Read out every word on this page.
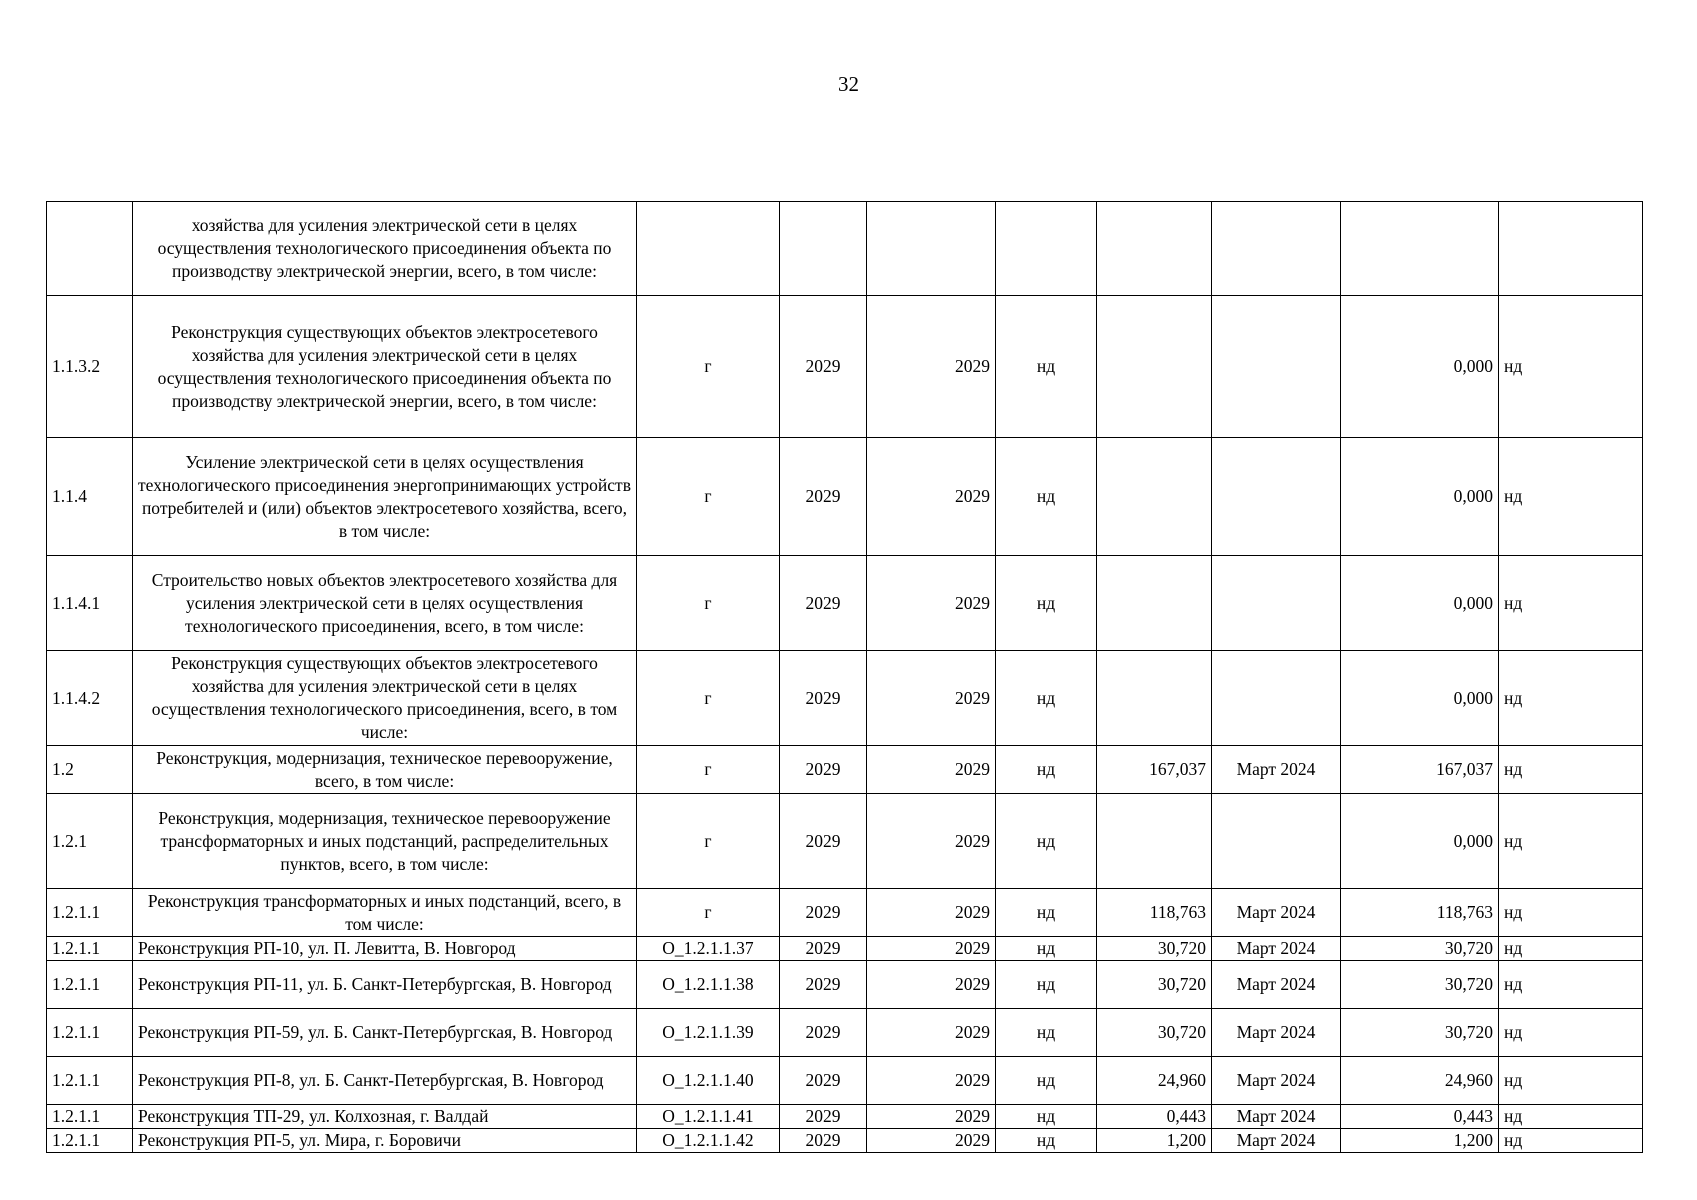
32
	хозяйства для усиления электрической сети в целях осуществления технологического присоединения объекта по производству электрической энергии, всего, в том числе:								
1.1.3.2	Реконструкция существующих объектов электросетевого хозяйства для усиления электрической сети в целях осуществления технологического присоединения объекта по производству электрической энергии, всего, в том числе:	г	2029	2029	нд			0,000	нд
1.1.4	Усиление электрической сети в целях осуществления технологического присоединения энергопринимающих устройств потребителей и (или) объектов электросетевого хозяйства, всего, в том числе:	г	2029	2029	нд			0,000	нд
1.1.4.1	Строительство новых объектов электросетевого хозяйства для усиления электрической сети в целях осуществления технологического присоединения, всего, в том числе:	г	2029	2029	нд			0,000	нд
1.1.4.2	Реконструкция существующих объектов электросетевого хозяйства для усиления электрической сети в целях осуществления технологического присоединения, всего, в том числе:	г	2029	2029	нд			0,000	нд
1.2	Реконструкция, модернизация, техническое перевооружение, всего, в том числе:	г	2029	2029	нд	167,037	Март 2024	167,037	нд
1.2.1	Реконструкция, модернизация, техническое перевооружение трансформаторных и иных подстанций, распределительных пунктов, всего, в том числе:	г	2029	2029	нд			0,000	нд
1.2.1.1	Реконструкция трансформаторных и иных подстанций, всего, в том числе:	г	2029	2029	нд	118,763	Март 2024	118,763	нд
1.2.1.1	Реконструкция РП-10, ул. П. Левитта, В. Новгород	О_1.2.1.1.37	2029	2029	нд	30,720	Март 2024	30,720	нд
1.2.1.1	Реконструкция РП-11, ул. Б. Санкт-Петербургская, В. Новгород	О_1.2.1.1.38	2029	2029	нд	30,720	Март 2024	30,720	нд
1.2.1.1	Реконструкция РП-59, ул. Б. Санкт-Петербургская, В. Новгород	О_1.2.1.1.39	2029	2029	нд	30,720	Март 2024	30,720	нд
1.2.1.1	Реконструкция РП-8, ул. Б. Санкт-Петербургская, В. Новгород	О_1.2.1.1.40	2029	2029	нд	24,960	Март 2024	24,960	нд
1.2.1.1	Реконструкция ТП-29, ул. Колхозная, г. Валдай	О_1.2.1.1.41	2029	2029	нд	0,443	Март 2024	0,443	нд
1.2.1.1	Реконструкция РП-5, ул. Мира, г. Боровичи	О_1.2.1.1.42	2029	2029	нд	1,200	Март 2024	1,200	нд
